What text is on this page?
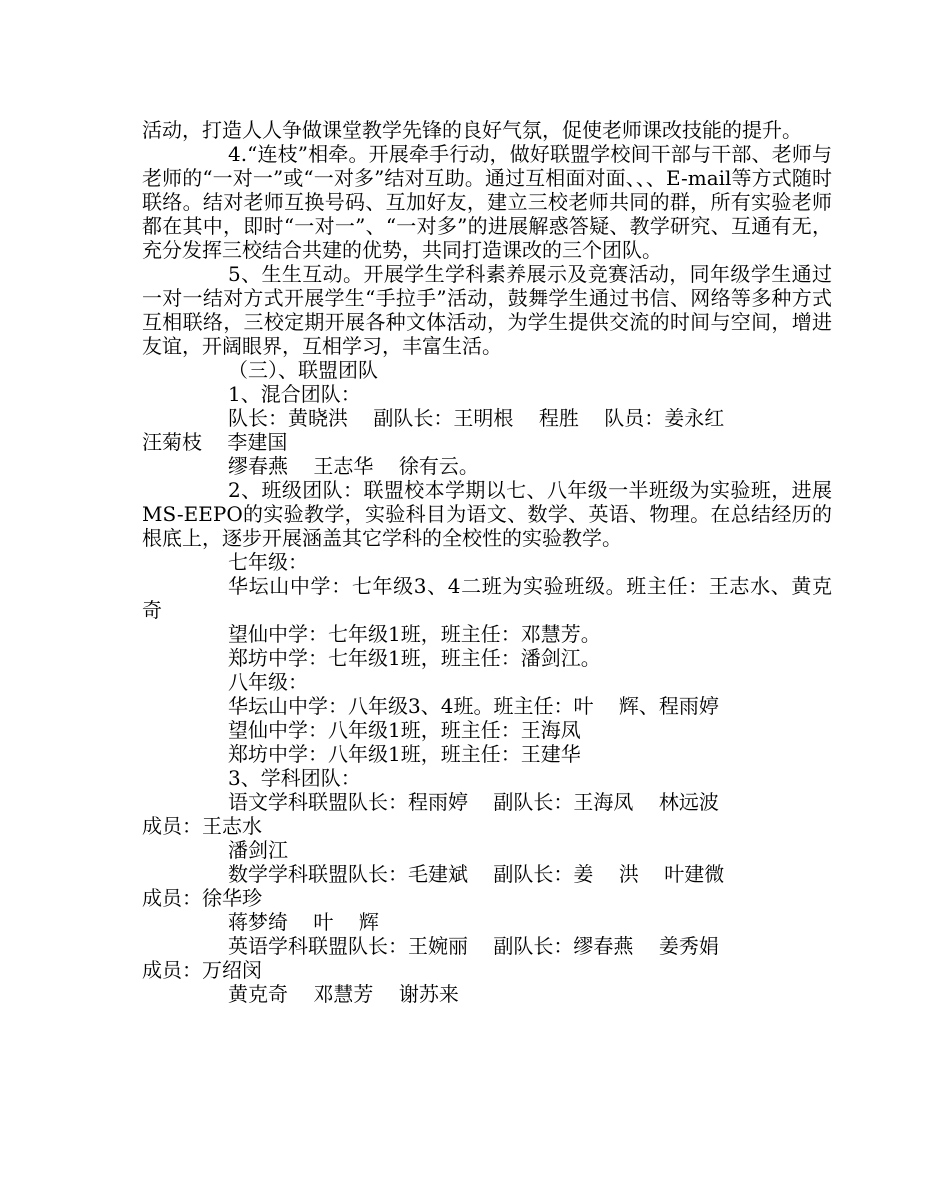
活动，打造人人争做课堂教学先锋的良好气氛，促使老师课改技能的提升。

4.“连枝”相牵。开展牵手行动，做好联盟学校间干部与干部、老师与老师的“一对一”或“一对多”结对互助。通过互相面对面、、、E-mail等方式随时联络。结对老师互换号码、互加好友，建立三校老师共同的群，所有实验老师都在其中，即时“一对一”、“一对多”的进展解惑答疑、教学研究、互通有无，充分发挥三校结合共建的优势，共同打造课改的三个团队。

5、生生互动。开展学生学科素养展示及竞赛活动，同年级学生通过一对一结对方式开展学生“手拉手”活动，鼓舞学生通过书信、网络等多种方式互相联络，三校定期开展各种文体活动，为学生提供交流的时间与空间，增进友谊，开阔眼界，互相学习，丰富生活。

（三）、联盟团队

1、混合团队：

队长：黄晓洪    副队长：王明根    程胜    队员：姜永红

汪菊枝    李建国

缪春燕    王志华    徐有云。

2、班级团队：联盟校本学期以七、八年级一半班级为实验班，进展MS-EEPO的实验教学，实验科目为语文、数学、英语、物理。在总结经历的根底上，逐步开展涵盖其它学科的全校性的实验教学。

七年级：

华坛山中学：七年级3、4二班为实验班级。班主任：王志水、黄克奇

望仙中学：七年级1班，班主任：邓慧芳。

郑坊中学：七年级1班，班主任：潘剑江。

八年级：

华坛山中学：八年级3、4班。班主任：叶    辉、程雨婷

望仙中学：八年级1班，班主任：王海凤

郑坊中学：八年级1班，班主任：王建华

3、学科团队：

语文学科联盟队长：程雨婷    副队长：王海凤    林远波

成员：王志水

潘剑江

数学学科联盟队长：毛建斌    副队长：姜    洪    叶建微

成员：徐华珍

蒋梦绮    叶    辉

英语学科联盟队长：王婉丽    副队长：缪春燕    姜秀娟

成员：万绍闵

黄克奇    邓慧芳    谢苏来
